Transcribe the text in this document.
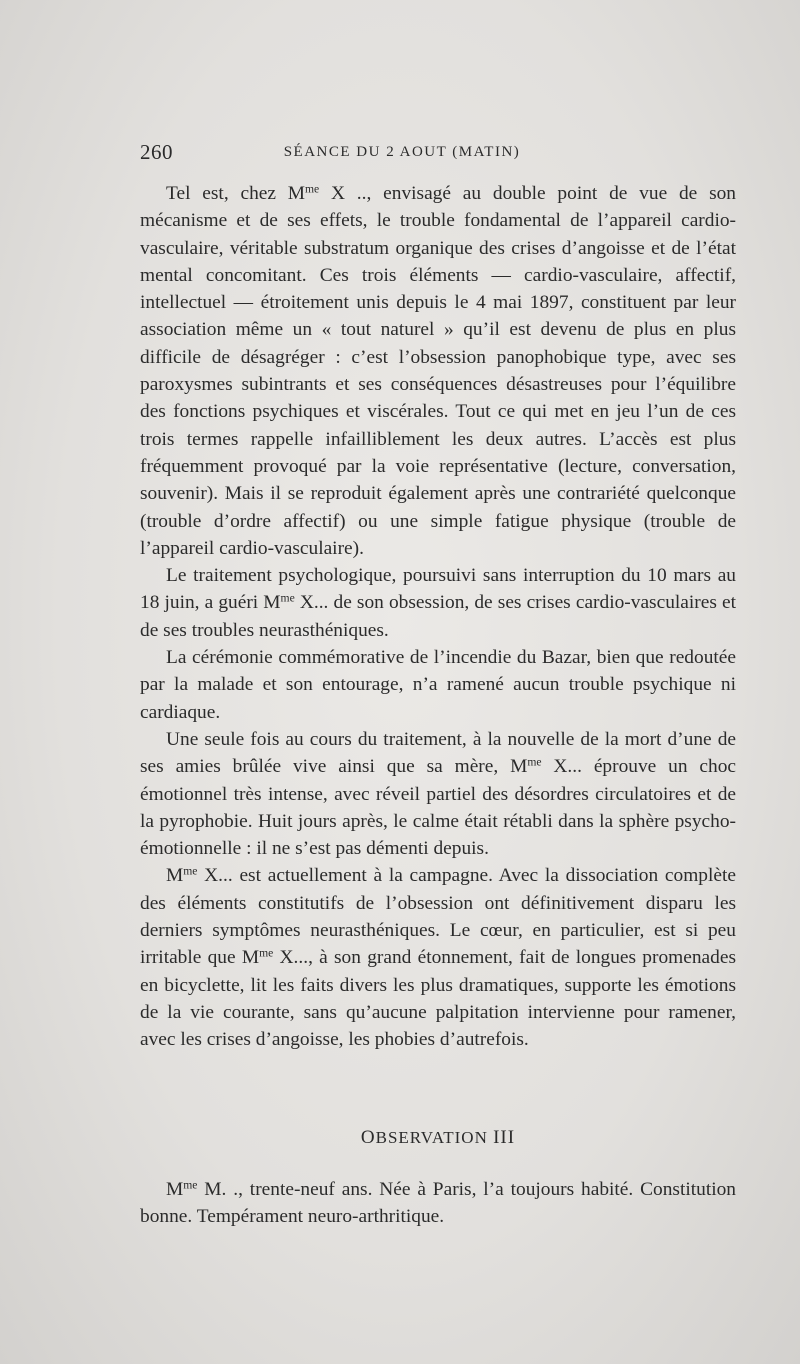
260	SÉANCE DU 2 AOUT (MATIN)

Tel est, chez $M^{me}$ X .., envisagé au double point de vue de son mécanisme et de ses effets, le trouble fondamental de l’appareil cardio-vasculaire, véritable substratum organique des crises d’angoisse et de l’état mental concomitant. Ces trois éléments — cardio-vasculaire, affectif, intellectuel — étroitement unis depuis le 4 mai 1897, constituent par leur association même un « tout naturel » qu’il est devenu de plus en plus difficile de désagréger : c’est l’obsession panophobique type, avec ses paroxysmes subintrants et ses conséquences désastreuses pour l’équilibre des fonctions psychiques et viscérales. Tout ce qui met en jeu l’un de ces trois termes rappelle infailliblement les deux autres. L’accès est plus fréquemment provoqué par la voie représentative (lecture, conversation, souvenir). Mais il se reproduit également après une contrariété quelconque (trouble d’ordre affectif) ou une simple fatigue physique (trouble de l’appareil cardio-vasculaire).

Le traitement psychologique, poursuivi sans interruption du 10 mars au 18 juin, a guéri $M^{me}$ X... de son obsession, de ses crises cardio-vasculaires et de ses troubles neurasthéniques.

La cérémonie commémorative de l’incendie du Bazar, bien que redoutée par la malade et son entourage, n’a ramené aucun trouble psychique ni cardiaque.

Une seule fois au cours du traitement, à la nouvelle de la mort d’une de ses amies brûlée vive ainsi que sa mère, $M^{me}$ X... éprouve un choc émotionnel très intense, avec réveil partiel des désordres circulatoires et de la pyrophobie. Huit jours après, le calme était rétabli dans la sphère psycho-émotionnelle : il ne s’est pas démenti depuis.

$M^{me}$ X... est actuellement à la campagne. Avec la dissociation complète des éléments constitutifs de l’obsession ont définitivement disparu les derniers symptômes neurasthéniques. Le cœur, en particulier, est si peu irritable que $M^{me}$ X..., à son grand étonnement, fait de longues promenades en bicyclette, lit les faits divers les plus dramatiques, supporte les émotions de la vie courante, sans qu’aucune palpitation intervienne pour ramener, avec les crises d’angoisse, les phobies d’autrefois.

OBSERVATION III

$M^{me}$ M. ., trente-neuf ans. Née à Paris, l’a toujours habité. Constitution bonne. Tempérament neuro-arthritique.
